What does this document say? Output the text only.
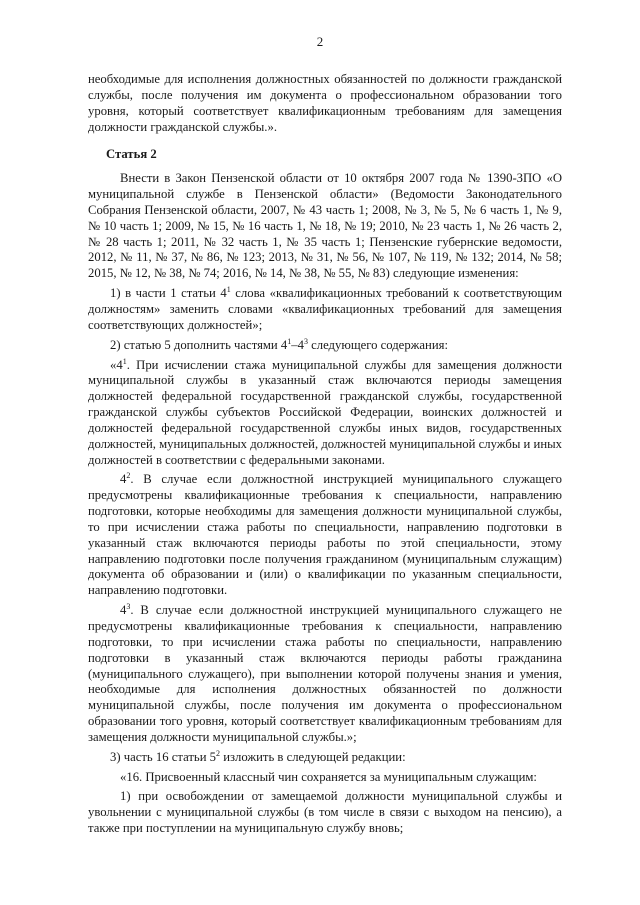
2

необходимые для исполнения должностных обязанностей по должности гражданской службы, после получения им документа о профессиональном образовании того уровня, который соответствует квалификационным требованиям для замещения должности гражданской службы.».

Статья 2

Внести в Закон Пензенской области от 10 октября 2007 года № 1390-ЗПО «О муниципальной службе в Пензенской области» (Ведомости Законодательного Собрания Пензенской области, 2007, № 43 часть 1; 2008, № 3, № 5, № 6 часть 1, № 9, № 10 часть 1; 2009, № 15, № 16 часть 1, № 18, № 19; 2010, № 23 часть 1, № 26 часть 2, № 28 часть 1; 2011, № 32 часть 1, № 35 часть 1; Пензенские губернские ведомости, 2012, № 11, № 37, № 86, № 123; 2013, № 31, № 56, № 107, № 119, № 132; 2014, № 58; 2015, № 12, № 38, № 74; 2016, № 14, № 38, № 55, № 83) следующие изменения:

1) в части 1 статьи $4^1$ слова «квалификационных требований к соответствующим должностям» заменить словами «квалификационных требований для замещения соответствующих должностей»;

2) статью 5 дополнить частями $4^1-4^3$ следующего содержания:

«$4^1$. При исчислении стажа муниципальной службы для замещения должности муниципальной службы в указанный стаж включаются периоды замещения должностей федеральной государственной гражданской службы, государственной гражданской службы субъектов Российской Федерации, воинских должностей и должностей федеральной государственной службы иных видов, государственных должностей, муниципальных должностей, должностей муниципальной службы и иных должностей в соответствии с федеральными законами.

$4^2$. В случае если должностной инструкцией муниципального служащего предусмотрены квалификационные требования к специальности, направлению подготовки, которые необходимы для замещения должности муниципальной службы, то при исчислении стажа работы по специальности, направлению подготовки в указанный стаж включаются периоды работы по этой специальности, этому направлению подготовки после получения гражданином (муниципальным служащим) документа об образовании и (или) о квалификации по указанным специальности, направлению подготовки.

$4^3$. В случае если должностной инструкцией муниципального служащего не предусмотрены квалификационные требования к специальности, направлению подготовки, то при исчислении стажа работы по специальности, направлению подготовки в указанный стаж включаются периоды работы гражданина (муниципального служащего), при выполнении которой получены знания и умения, необходимые для исполнения должностных обязанностей по должности муниципальной службы, после получения им документа о профессиональном образовании того уровня, который соответствует квалификационным требованиям для замещения должности муниципальной службы.»;

3) часть 16 статьи $5^2$ изложить в следующей редакции:

«16. Присвоенный классный чин сохраняется за муниципальным служащим:

1) при освобождении от замещаемой должности муниципальной службы и увольнении с муниципальной службы (в том числе в связи с выходом на пенсию), а также при поступлении на муниципальную службу вновь;
